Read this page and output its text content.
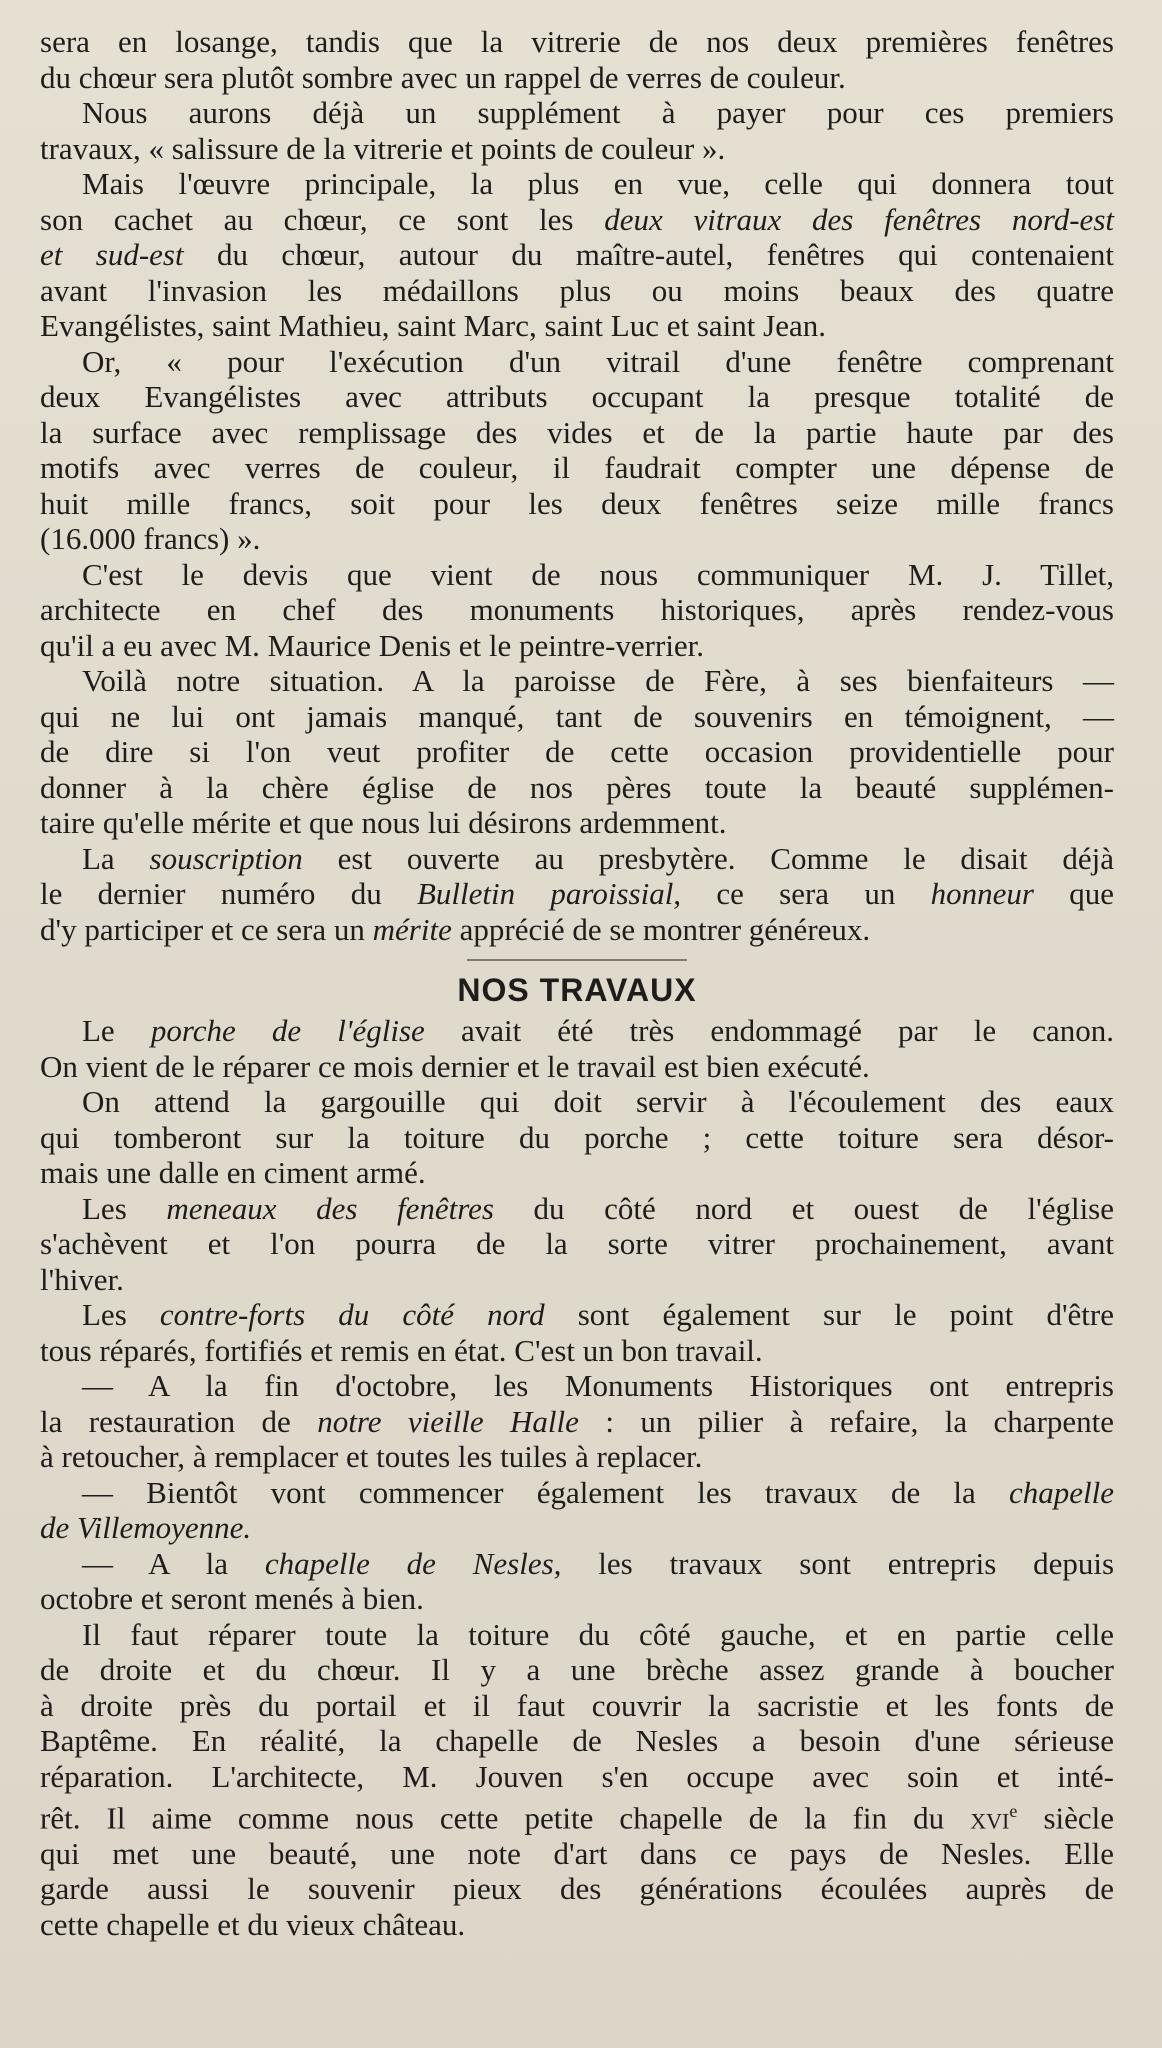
sera en losange, tandis que la vitrerie de nos deux premières fenêtres
du chœur sera plutôt sombre avec un rappel de verres de couleur.
Nous aurons déjà un supplément à payer pour ces premiers
travaux, « salissure de la vitrerie et points de couleur ».
Mais l'œuvre principale, la plus en vue, celle qui donnera tout
son cachet au chœur, ce sont les deux vitraux des fenêtres nord-est
et sud-est du chœur, autour du maître-autel, fenêtres qui contenaient
avant l'invasion les médaillons plus ou moins beaux des quatre
Evangélistes, saint Mathieu, saint Marc, saint Luc et saint Jean.
Or, « pour l'exécution d'un vitrail d'une fenêtre comprenant
deux Evangélistes avec attributs occupant la presque totalité de
la surface avec remplissage des vides et de la partie haute par des
motifs avec verres de couleur, il faudrait compter une dépense de
huit mille francs, soit pour les deux fenêtres seize mille francs
(16.000 francs) ».
C'est le devis que vient de nous communiquer M. J. Tillet,
architecte en chef des monuments historiques, après rendez-vous
qu'il a eu avec M. Maurice Denis et le peintre-verrier.
Voilà notre situation. A la paroisse de Fère, à ses bienfaiteurs —
qui ne lui ont jamais manqué, tant de souvenirs en témoignent, —
de dire si l'on veut profiter de cette occasion providentielle pour
donner à la chère église de nos pères toute la beauté supplémen-
taire qu'elle mérite et que nous lui désirons ardemment.
La souscription est ouverte au presbytère. Comme le disait déjà
le dernier numéro du Bulletin paroissial, ce sera un honneur que
d'y participer et ce sera un mérite apprécié de se montrer généreux.
NOS TRAVAUX
Le porche de l'église avait été très endommagé par le canon.
On vient de le réparer ce mois dernier et le travail est bien exécuté.
On attend la gargouille qui doit servir à l'écoulement des eaux
qui tomberont sur la toiture du porche ; cette toiture sera désor-
mais une dalle en ciment armé.
Les meneaux des fenêtres du côté nord et ouest de l'église
s'achèvent et l'on pourra de la sorte vitrer prochainement, avant
l'hiver.
Les contre-forts du côté nord sont également sur le point d'être
tous réparés, fortifiés et remis en état. C'est un bon travail.
— A la fin d'octobre, les Monuments Historiques ont entrepris
la restauration de notre vieille Halle : un pilier à refaire, la charpente
à retoucher, à remplacer et toutes les tuiles à replacer.
— Bientôt vont commencer également les travaux de la chapelle
de Villemoyenne.
— A la chapelle de Nesles, les travaux sont entrepris depuis
octobre et seront menés à bien.
Il faut réparer toute la toiture du côté gauche, et en partie celle
de droite et du chœur. Il y a une brèche assez grande à boucher
à droite près du portail et il faut couvrir la sacristie et les fonts de
Baptême. En réalité, la chapelle de Nesles a besoin d'une sérieuse
réparation. L'architecte, M. Jouven s'en occupe avec soin et inté-
rêt. Il aime comme nous cette petite chapelle de la fin du xvi$^e$ siècle
qui met une beauté, une note d'art dans ce pays de Nesles. Elle
garde aussi le souvenir pieux des générations écoulées auprès de
cette chapelle et du vieux château.
